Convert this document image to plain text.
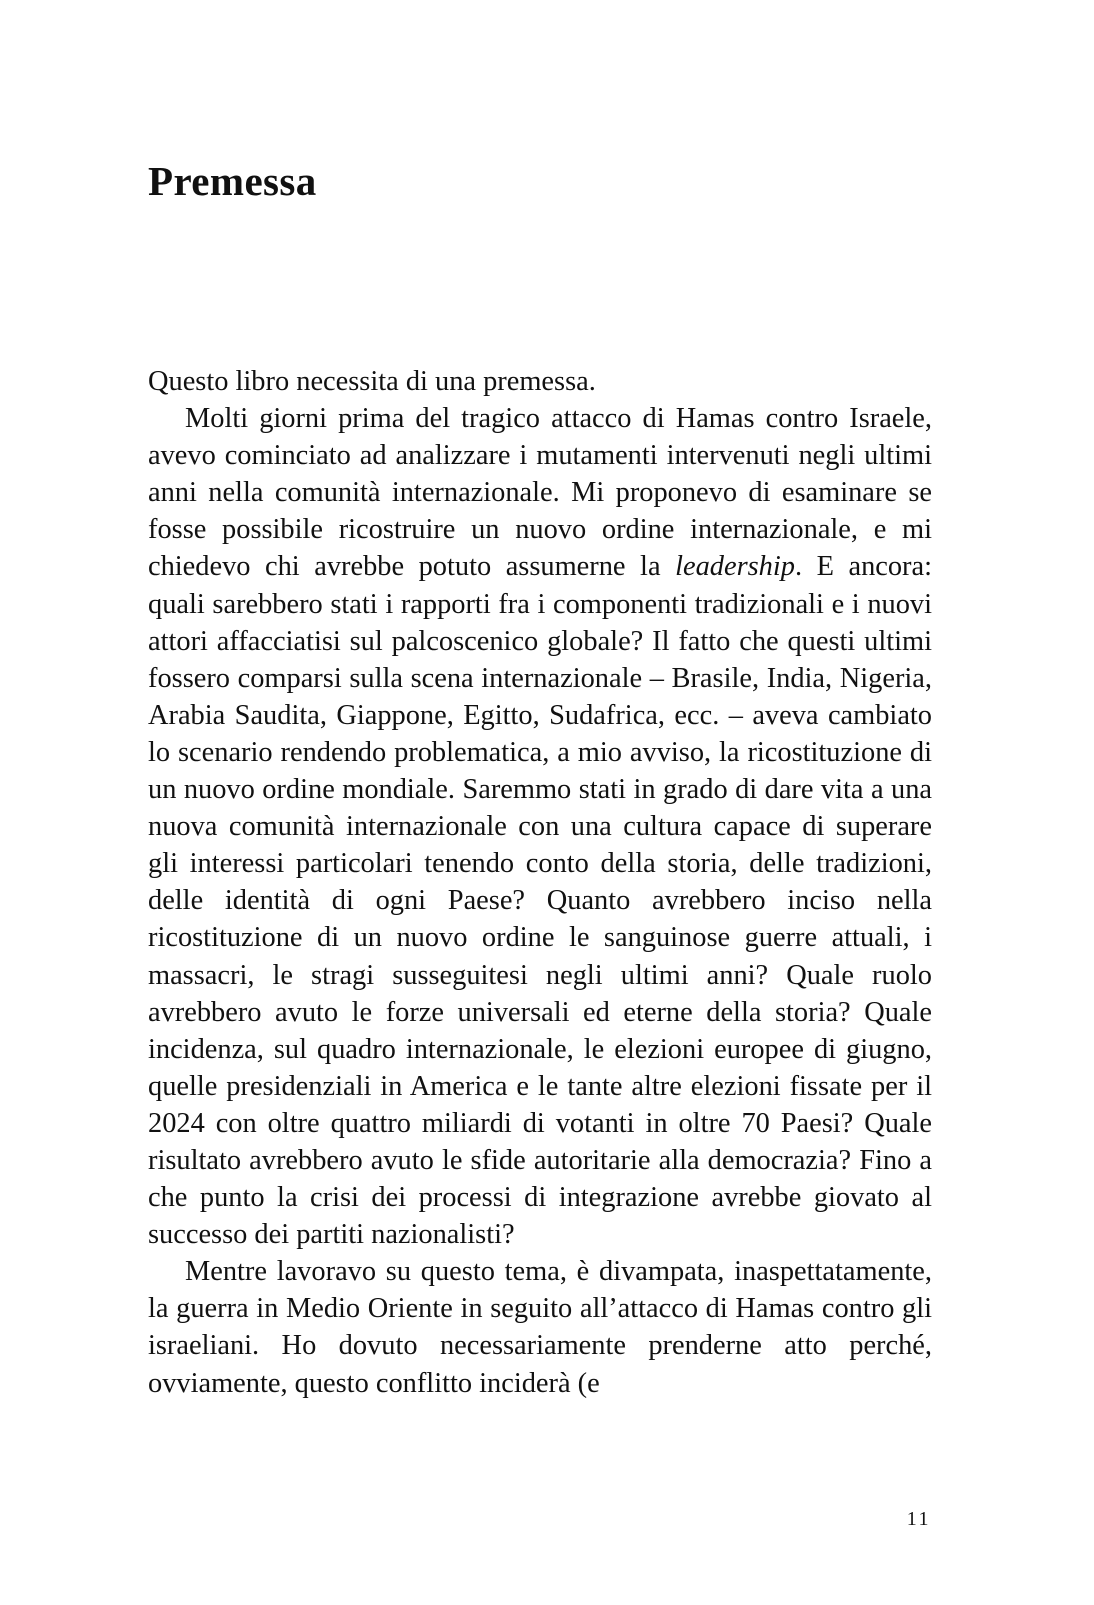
Premessa

Questo libro necessita di una premessa.

Molti giorni prima del tragico attacco di Hamas contro Israele, avevo cominciato ad analizzare i mutamenti intervenuti negli ultimi anni nella comunità internazionale. Mi proponevo di esaminare se fosse possibile ricostruire un nuovo ordine internazionale, e mi chiedevo chi avrebbe potuto assumerne la leadership. E ancora: quali sarebbero stati i rapporti fra i componenti tradizionali e i nuovi attori affacciatisi sul palcoscenico globale? Il fatto che questi ultimi fossero comparsi sulla scena internazionale – Brasile, India, Nigeria, Arabia Saudita, Giappone, Egitto, Sudafrica, ecc. – aveva cambiato lo scenario rendendo problematica, a mio avviso, la ricostituzione di un nuovo ordine mondiale. Saremmo stati in grado di dare vita a una nuova comunità internazionale con una cultura capace di superare gli interessi particolari tenendo conto della storia, delle tradizioni, delle identità di ogni Paese? Quanto avrebbero inciso nella ricostituzione di un nuovo ordine le sanguinose guerre attuali, i massacri, le stragi susseguitesi negli ultimi anni? Quale ruolo avrebbero avuto le forze universali ed eterne della storia? Quale incidenza, sul quadro internazionale, le elezioni europee di giugno, quelle presidenziali in America e le tante altre elezioni fissate per il 2024 con oltre quattro miliardi di votanti in oltre 70 Paesi? Quale risultato avrebbero avuto le sfide autoritarie alla democrazia? Fino a che punto la crisi dei processi di integrazione avrebbe giovato al successo dei partiti nazionalisti?

Mentre lavoravo su questo tema, è divampata, inaspettatamente, la guerra in Medio Oriente in seguito all’attacco di Hamas contro gli israeliani. Ho dovuto necessariamente prenderne atto perché, ovviamente, questo conflitto inciderà (e

11
